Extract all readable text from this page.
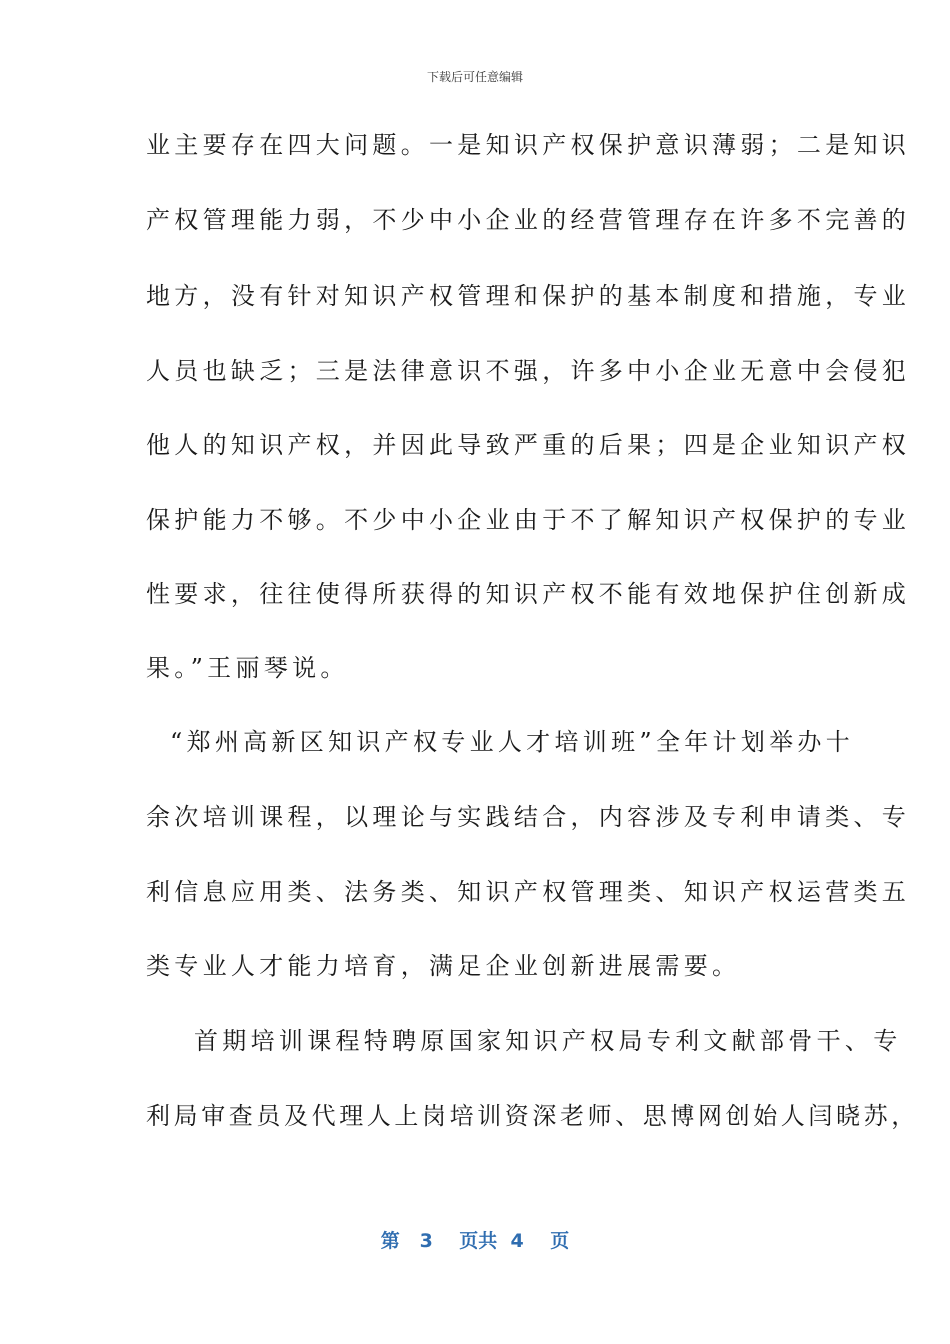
下载后可任意编辑
业主要存在四大问题。一是知识产权保护意识薄弱；二是知识
产权管理能力弱，不少中小企业的经营管理存在许多不完善的
地方，没有针对知识产权管理和保护的基本制度和措施，专业
人员也缺乏；三是法律意识不强，许多中小企业无意中会侵犯
他人的知识产权，并因此导致严重的后果；四是企业知识产权
保护能力不够。不少中小企业由于不了解知识产权保护的专业
性要求，往往使得所获得的知识产权不能有效地保护住创新成
果。”王丽琴说。
“郑州高新区知识产权专业人才培训班”全年计划举办十
余次培训课程，以理论与实践结合，内容涉及专利申请类、专
利信息应用类、法务类、知识产权管理类、知识产权运营类五
类专业人才能力培育，满足企业创新进展需要。
首期培训课程特聘原国家知识产权局专利文献部骨干、专
利局审查员及代理人上岗培训资深老师、思博网创始人闫晓苏，
第 3 页共 4 页
